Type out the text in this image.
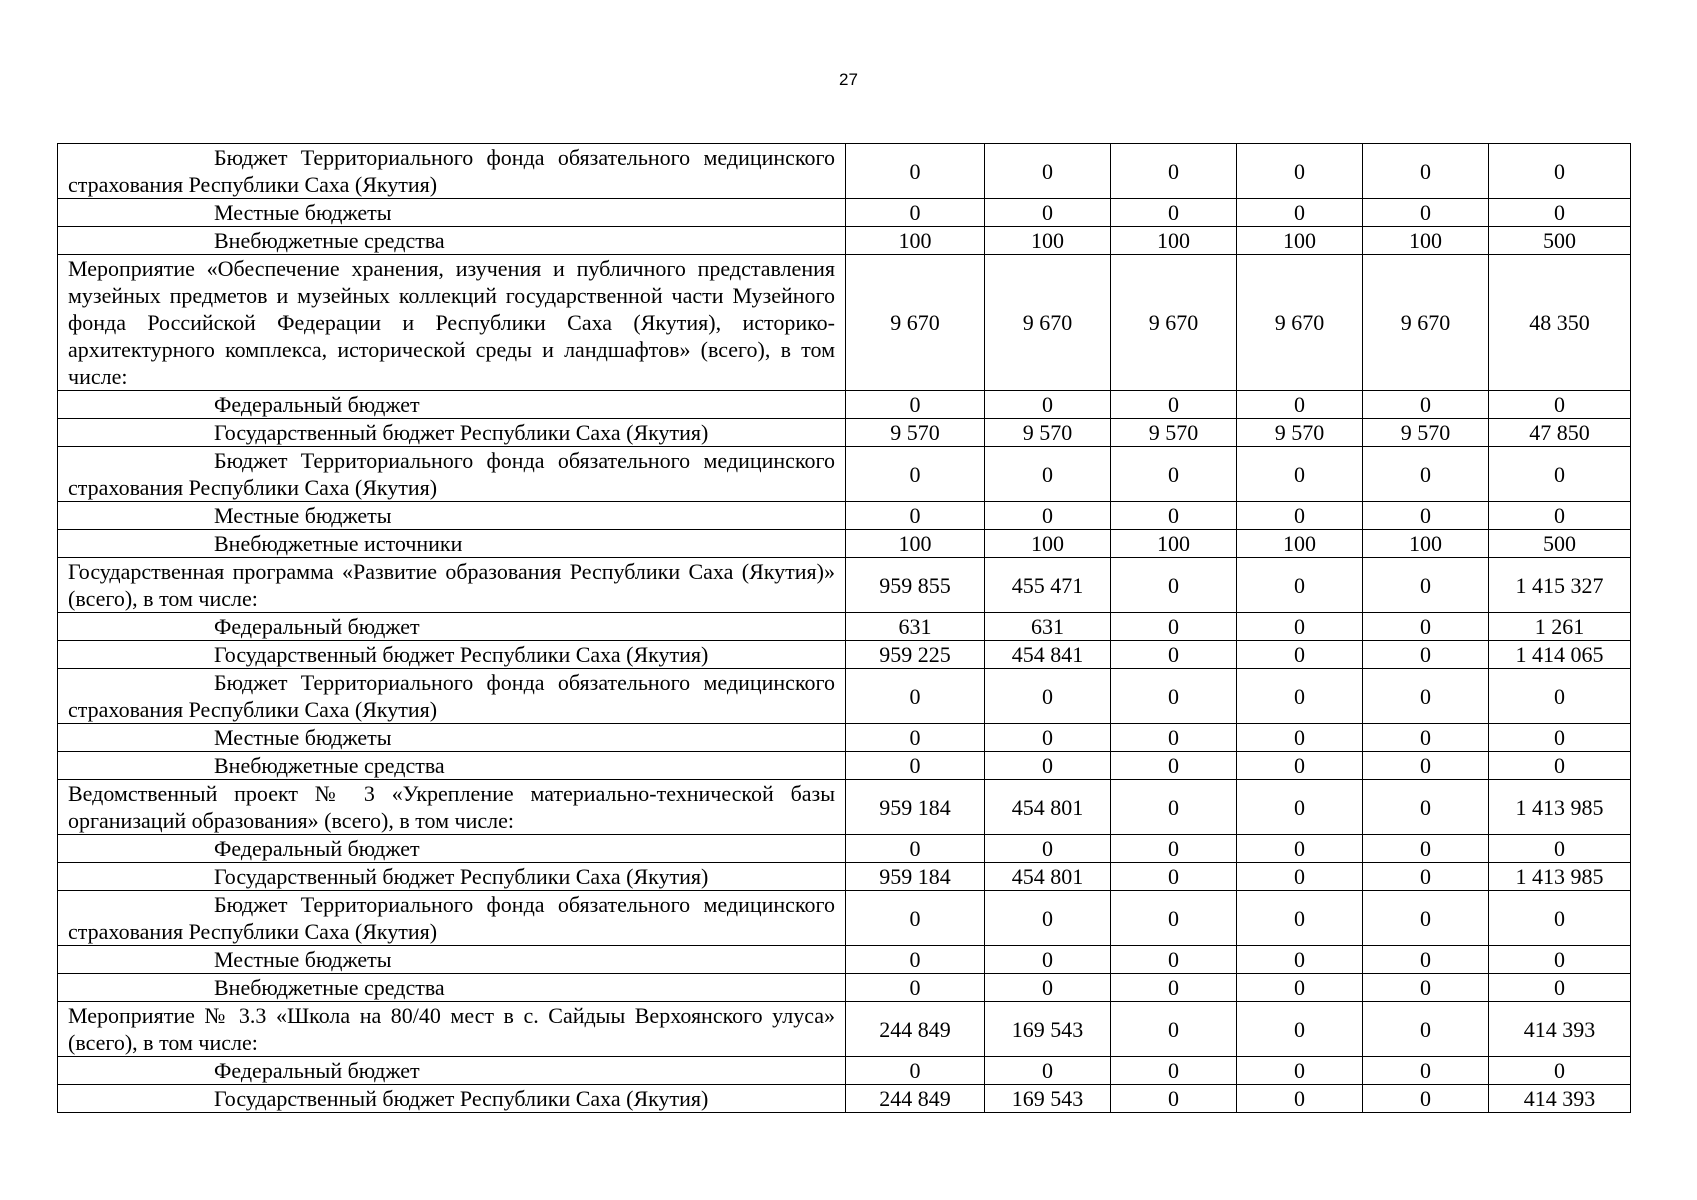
27
Бюджет Территориального фонда обязательного медицинского страхования Республики Саха (Якутия)	0	0	0	0	0	0
Местные бюджеты	0	0	0	0	0	0
Внебюджетные средства	100	100	100	100	100	500
Мероприятие «Обеспечение хранения, изучения и публичного представления музейных предметов и музейных коллекций государственной части Музейного фонда Российской Федерации и Республики Саха (Якутия), историко-архитектурного комплекса, исторической среды и ландшафтов» (всего), в том числе:	9 670	9 670	9 670	9 670	9 670	48 350
Федеральный бюджет	0	0	0	0	0	0
Государственный бюджет Республики Саха (Якутия)	9 570	9 570	9 570	9 570	9 570	47 850
Бюджет Территориального фонда обязательного медицинского страхования Республики Саха (Якутия)	0	0	0	0	0	0
Местные бюджеты	0	0	0	0	0	0
Внебюджетные источники	100	100	100	100	100	500
Государственная программа «Развитие образования Республики Саха (Якутия)» (всего), в том числе:	959 855	455 471	0	0	0	1 415 327
Федеральный бюджет	631	631	0	0	0	1 261
Государственный бюджет Республики Саха (Якутия)	959 225	454 841	0	0	0	1 414 065
Бюджет Территориального фонда обязательного медицинского страхования Республики Саха (Якутия)	0	0	0	0	0	0
Местные бюджеты	0	0	0	0	0	0
Внебюджетные средства	0	0	0	0	0	0
Ведомственный проект № 3 «Укрепление материально-технической базы организаций образования» (всего), в том числе:	959 184	454 801	0	0	0	1 413 985
Федеральный бюджет	0	0	0	0	0	0
Государственный бюджет Республики Саха (Якутия)	959 184	454 801	0	0	0	1 413 985
Бюджет Территориального фонда обязательного медицинского страхования Республики Саха (Якутия)	0	0	0	0	0	0
Местные бюджеты	0	0	0	0	0	0
Внебюджетные средства	0	0	0	0	0	0
Мероприятие № 3.3 «Школа на 80/40 мест в с. Сайдыы Верхоянского улуса» (всего), в том числе:	244 849	169 543	0	0	0	414 393
Федеральный бюджет	0	0	0	0	0	0
Государственный бюджет Республики Саха (Якутия)	244 849	169 543	0	0	0	414 393
